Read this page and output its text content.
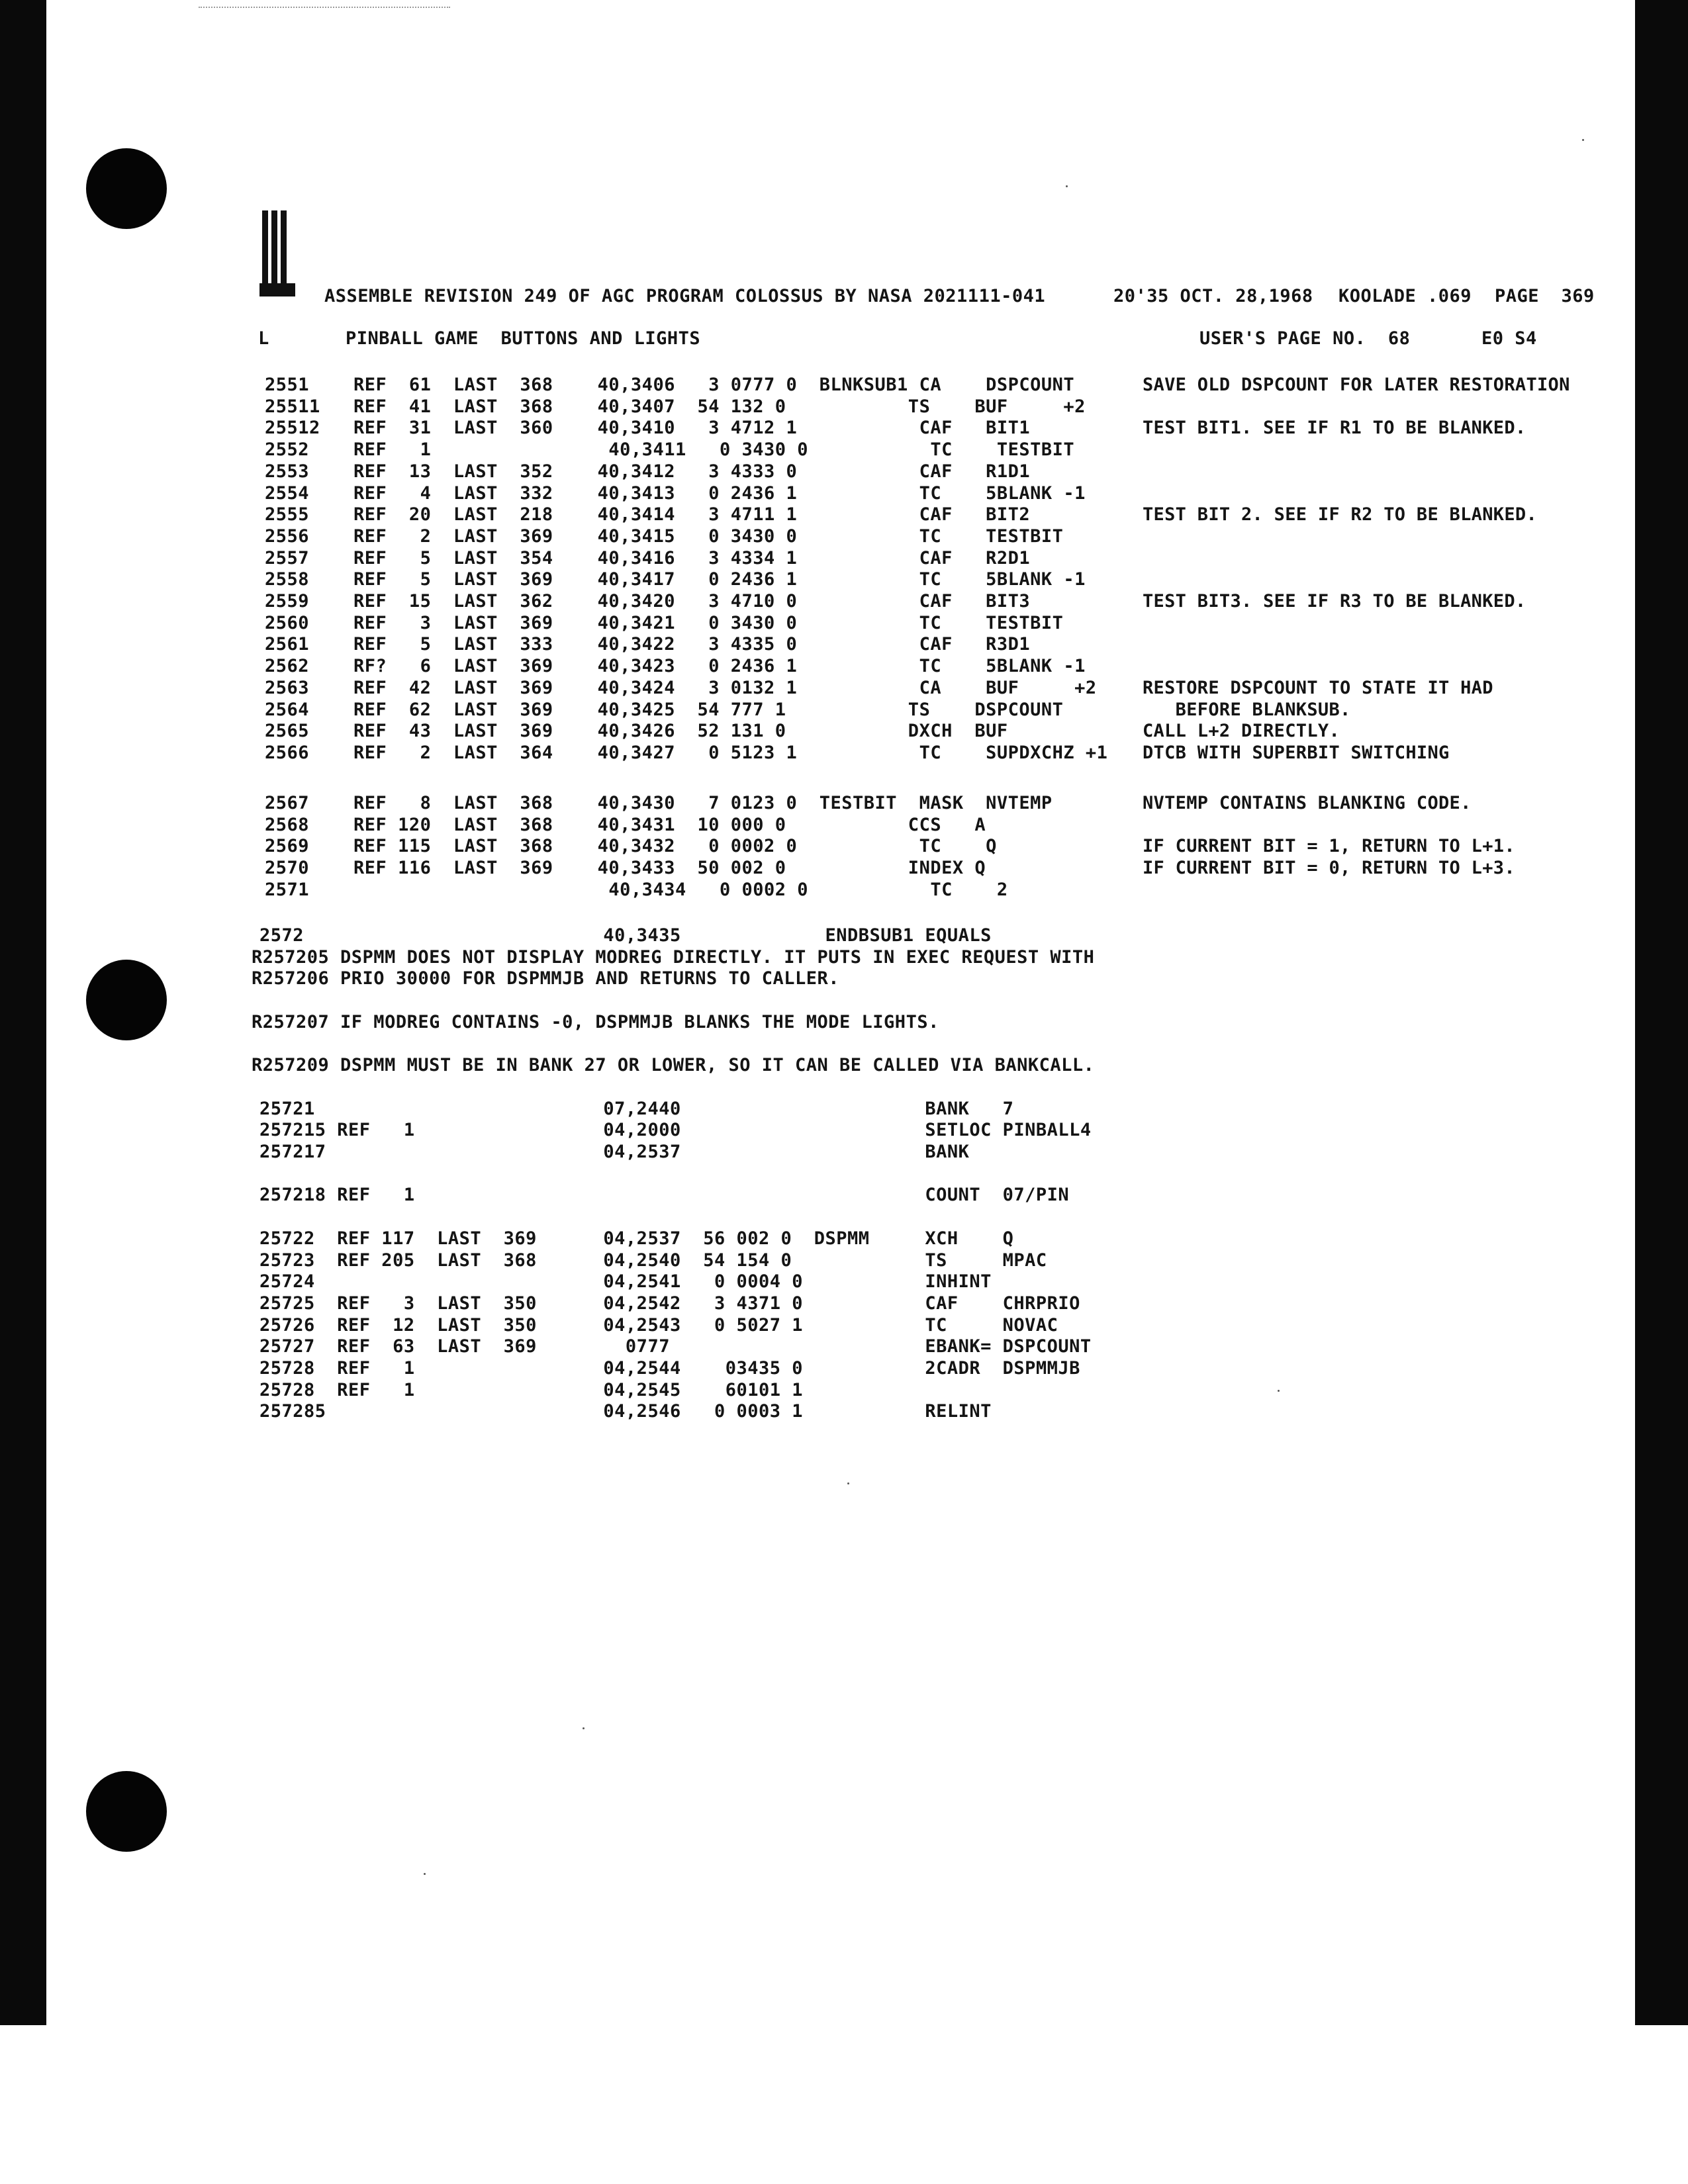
ASSEMBLE REVISION 249 OF AGC PROGRAM COLOSSUS BY NASA 2021111-041	20'35 OCT. 28,1968 KOOLADE .069 PAGE  369
L	PINBALL GAME  BUTTONS AND LIGHTS	USER'S PAGE NO.  68	E0 S4
2551    REF  61  LAST  368    40,3406   3 0777 0  BLNKSUB1 CA    DSPCOUNT	SAVE OLD DSPCOUNT FOR LATER RESTORATION
25511   REF  41  LAST  368    40,3407  54 132 0           TS    BUF     +2
25512   REF  31  LAST  360    40,3410   3 4712 1           CAF   BIT1	TEST BIT1. SEE IF R1 TO BE BLANKED.
2552    REF   1                40,3411   0 3430 0           TC    TESTBIT
2553    REF  13  LAST  352    40,3412   3 4333 0           CAF   R1D1
2554    REF   4  LAST  332    40,3413   0 2436 1           TC    5BLANK -1
2555    REF  20  LAST  218    40,3414   3 4711 1           CAF   BIT2	TEST BIT 2. SEE IF R2 TO BE BLANKED.
2556    REF   2  LAST  369    40,3415   0 3430 0           TC    TESTBIT
2557    REF   5  LAST  354    40,3416   3 4334 1           CAF   R2D1
2558    REF   5  LAST  369    40,3417   0 2436 1           TC    5BLANK -1
2559    REF  15  LAST  362    40,3420   3 4710 0           CAF   BIT3	TEST BIT3. SEE IF R3 TO BE BLANKED.
2560    REF   3  LAST  369    40,3421   0 3430 0           TC    TESTBIT
2561    REF   5  LAST  333    40,3422   3 4335 0           CAF   R3D1
2562    RF?   6  LAST  369    40,3423   0 2436 1           TC    5BLANK -1
2563    REF  42  LAST  369    40,3424   3 0132 1           CA    BUF     +2	RESTORE DSPCOUNT TO STATE IT HAD
2564    REF  62  LAST  369    40,3425  54 777 1           TS    DSPCOUNT	BEFORE BLANKSUB.
2565    REF  43  LAST  369    40,3426  52 131 0           DXCH  BUF	CALL L+2 DIRECTLY.
2566    REF   2  LAST  364    40,3427   0 5123 1           TC    SUPDXCHZ +1 DTCB WITH SUPERBIT SWITCHING
2567    REF   8  LAST  368    40,3430   7 0123 0  TESTBIT  MASK  NVTEMP	NVTEMP CONTAINS BLANKING CODE.
2568    REF 120  LAST  368    40,3431  10 000 0           CCS   A
2569    REF 115  LAST  368    40,3432   0 0002 0           TC    Q	IF CURRENT BIT = 1, RETURN TO L+1.
2570    REF 116  LAST  369    40,3433  50 002 0           INDEX Q	IF CURRENT BIT = 0, RETURN TO L+3.
2571                           40,3434   0 0002 0           TC    2
2572                           40,3435             ENDBSUB1 EQUALS
R257205 DSPMM DOES NOT DISPLAY MODREG DIRECTLY. IT PUTS IN EXEC REQUEST WITH
R257206 PRIO 30000 FOR DSPMMJB AND RETURNS TO CALLER.
R257207 IF MODREG CONTAINS -0, DSPMMJB BLANKS THE MODE LIGHTS.
R257209 DSPMM MUST BE IN BANK 27 OR LOWER, SO IT CAN BE CALLED VIA BANKCALL.
25721                          07,2440                      BANK   7
257215 REF   1                 04,2000                      SETLOC PINBALL4
257217                         04,2537                      BANK
257218 REF   1                                              COUNT  07/PIN
25722  REF 117  LAST  369      04,2537  56 002 0  DSPMM     XCH    Q
25723  REF 205  LAST  368      04,2540  54 154 0            TS     MPAC
25724                          04,2541   0 0004 0           INHINT
25725  REF   3  LAST  350      04,2542   3 4371 0           CAF    CHRPRIO
25726  REF  12  LAST  350      04,2543   0 5027 1           TC     NOVAC
25727  REF  63  LAST  369        0777                       EBANK= DSPCOUNT
25728  REF   1                 04,2544    03435 0           2CADR  DSPMMJB
25728  REF   1                 04,2545    60101 1
257285                         04,2546   0 0003 1           RELINT
